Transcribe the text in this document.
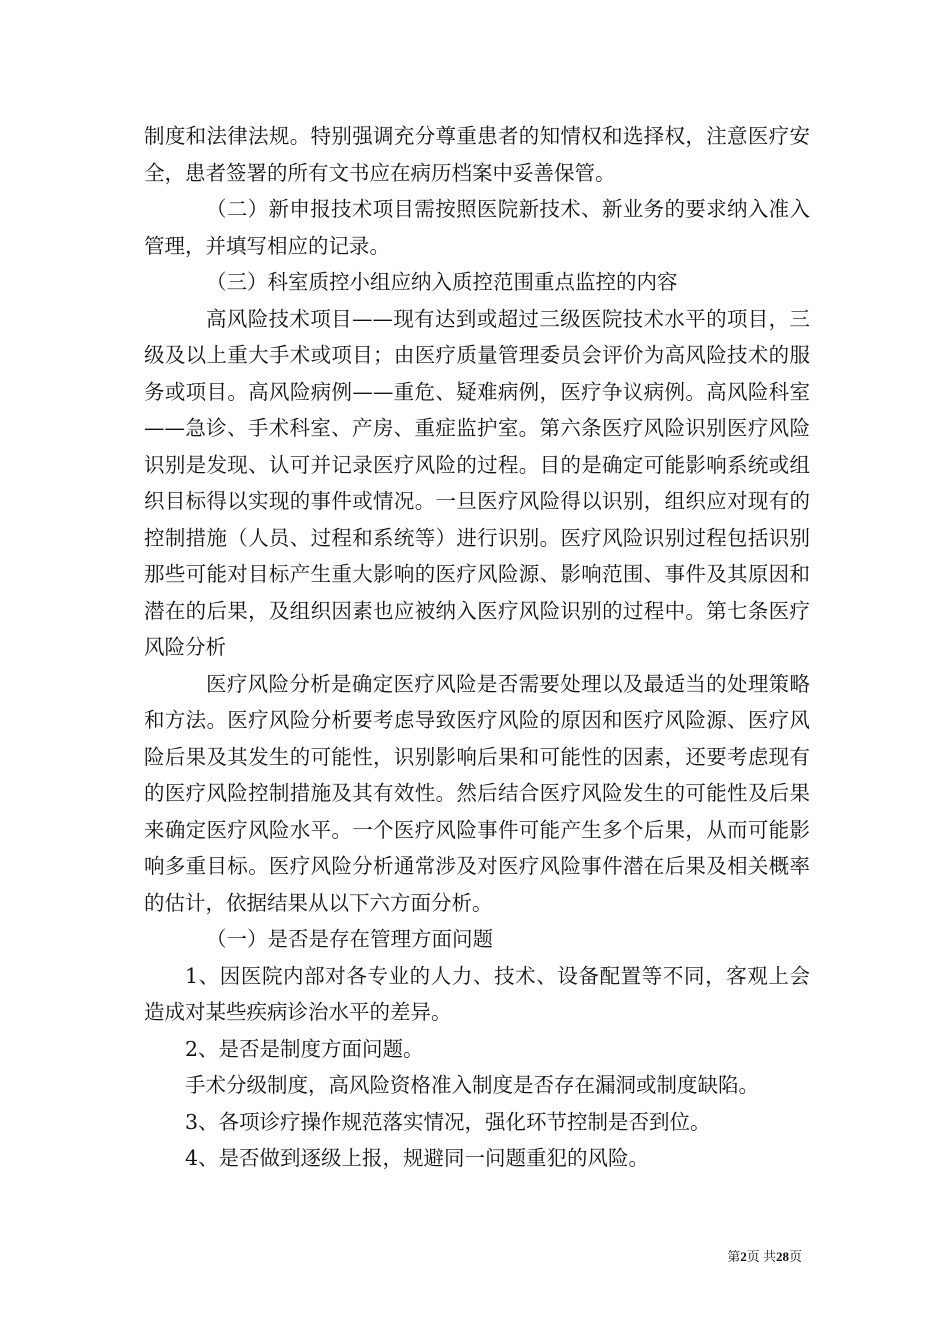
制度和法律法规。特别强调充分尊重患者的知情权和选择权，注意医疗安全，患者签署的所有文书应在病历档案中妥善保管。

（二）新申报技术项目需按照医院新技术、新业务的要求纳入准入管理，并填写相应的记录。

（三）科室质控小组应纳入质控范围重点监控的内容

高风险技术项目——现有达到或超过三级医院技术水平的项目，三级及以上重大手术或项目；由医疗质量管理委员会评价为高风险技术的服务或项目。高风险病例——重危、疑难病例，医疗争议病例。高风险科室——急诊、手术科室、产房、重症监护室。第六条医疗风险识别医疗风险识别是发现、认可并记录医疗风险的过程。目的是确定可能影响系统或组织目标得以实现的事件或情况。一旦医疗风险得以识别，组织应对现有的控制措施（人员、过程和系统等）进行识别。医疗风险识别过程包括识别那些可能对目标产生重大影响的医疗风险源、影响范围、事件及其原因和潜在的后果，及组织因素也应被纳入医疗风险识别的过程中。第七条医疗风险分析

医疗风险分析是确定医疗风险是否需要处理以及最适当的处理策略和方法。医疗风险分析要考虑导致医疗风险的原因和医疗风险源、医疗风险后果及其发生的可能性，识别影响后果和可能性的因素，还要考虑现有的医疗风险控制措施及其有效性。然后结合医疗风险发生的可能性及后果来确定医疗风险水平。一个医疗风险事件可能产生多个后果，从而可能影响多重目标。医疗风险分析通常涉及对医疗风险事件潜在后果及相关概率的估计，依据结果从以下六方面分析。

（一）是否是存在管理方面问题

1、因医院内部对各专业的人力、技术、设备配置等不同，客观上会造成对某些疾病诊治水平的差异。

2、是否是制度方面问题。

手术分级制度，高风险资格准入制度是否存在漏洞或制度缺陷。

3、各项诊疗操作规范落实情况，强化环节控制是否到位。

4、是否做到逐级上报，规避同一问题重犯的风险。

第2页 共28页
